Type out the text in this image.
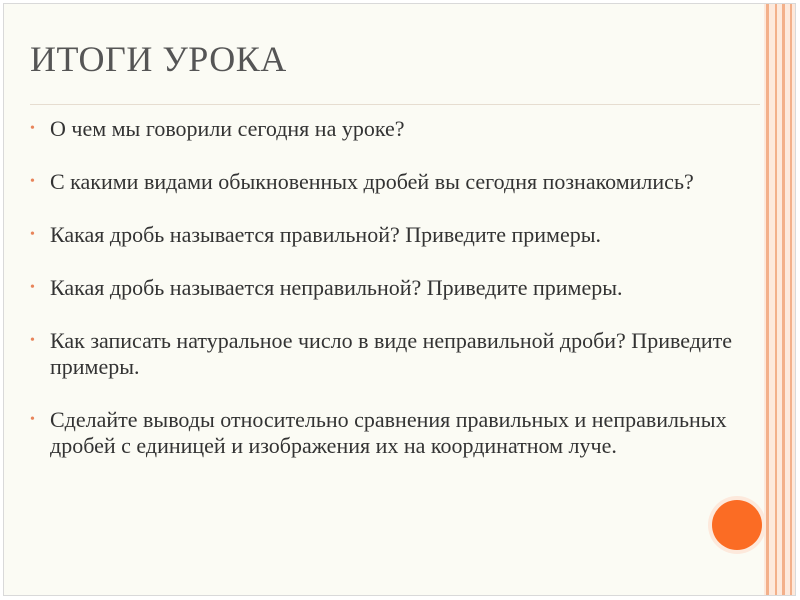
ИТОГИ УРОКА
• О чем мы говорили сегодня на уроке?
• С какими видами обыкновенных дробей вы сегодня познакомились?
• Какая дробь называется правильной? Приведите примеры.
• Какая дробь называется неправильной? Приведите примеры.
• Как записать натуральное число в виде неправильной дроби? Приведите примеры.
• Сделайте выводы относительно сравнения правильных и неправильных дробей с единицей и изображения их на координатном луче.
